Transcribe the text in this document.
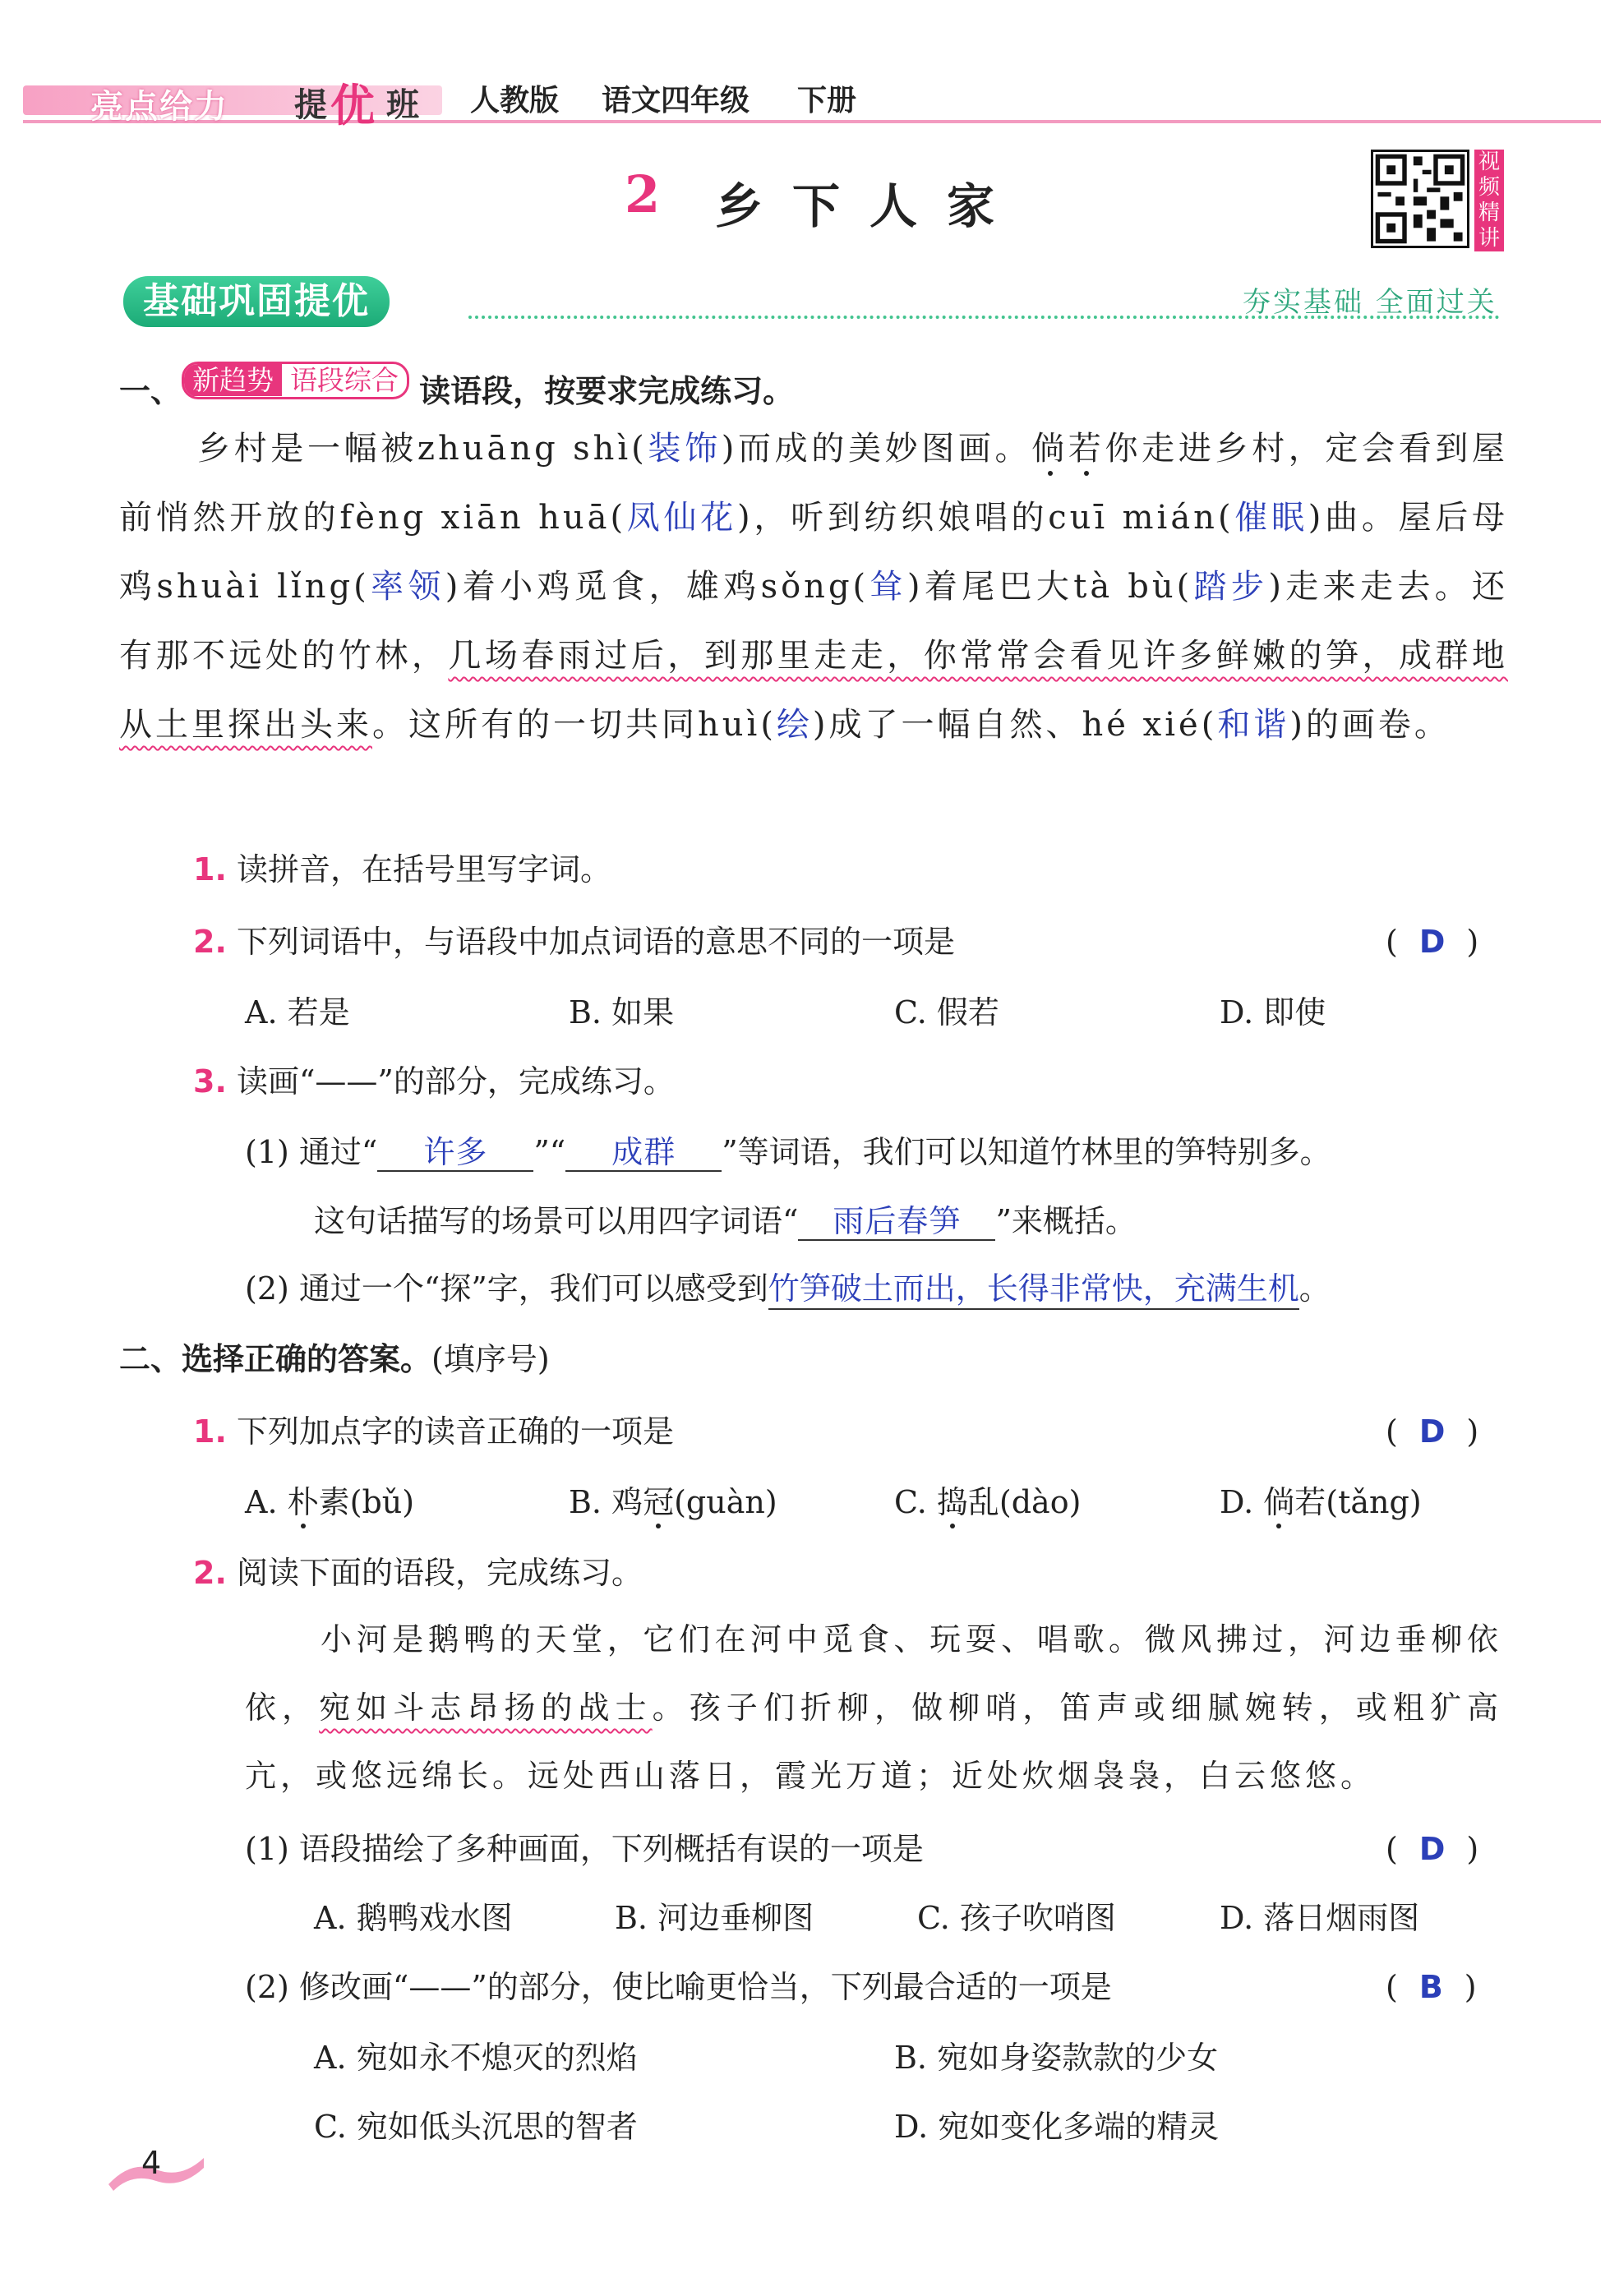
亮点给力 提 优 班 人教版 语文四年级 下册
2 乡下人家
视频精讲
基础巩固提优	夯实基础 全面过关
一、 新趋势 语段综合 读语段，按要求完成练习。
乡村是一幅被zhuāng shì(装饰)而成的美妙图画。倘若你走进乡村，定会看到屋前悄然开放的fèng xiān huā(凤仙花)，听到纺织娘唱的cuī mián(催眠)曲。屋后母鸡shuài lǐng(率领)着小鸡觅食，雄鸡sǒng(耸)着尾巴大tà bù(踏步)走来走去。还有那不远处的竹林，几场春雨过后，到那里走走，你常常会看见许多鲜嫩的笋，成群地从土里探出头来。这所有的一切共同huì(绘)成了一幅自然、hé xié(和谐)的画卷。
1. 读拼音，在括号里写字词。
2. 下列词语中，与语段中加点词语的意思不同的一项是	( D )
A. 若是	B. 如果	C. 假若	D. 即使
3. 读画“——”的部分，完成练习。
(1) 通过“ 许多 ”“ 成群 ”等词语，我们可以知道竹林里的笋特别多。
这句话描写的场景可以用四字词语“ 雨后春笋 ”来概括。
(2) 通过一个“探”字，我们可以感受到竹笋破土而出，长得非常快，充满生机。
二、选择正确的答案。(填序号)
1. 下列加点字的读音正确的一项是	( D )
A. 朴素(bǔ)	B. 鸡冠(guàn)	C. 捣乱(dào)	D. 倘若(tǎng)
2. 阅读下面的语段，完成练习。
小河是鹅鸭的天堂，它们在河中觅食、玩耍、唱歌。微风拂过，河边垂柳依依，宛如斗志昂扬的战士。孩子们折柳，做柳哨，笛声或细腻婉转，或粗犷高亢，或悠远绵长。远处西山落日，霞光万道；近处炊烟袅袅，白云悠悠。
(1) 语段描绘了多种画面，下列概括有误的一项是	( D )
A. 鹅鸭戏水图	B. 河边垂柳图	C. 孩子吹哨图	D. 落日烟雨图
(2) 修改画“——”的部分，使比喻更恰当，下列最合适的一项是	( B )
A. 宛如永不熄灭的烈焰	B. 宛如身姿款款的少女
C. 宛如低头沉思的智者	D. 宛如变化多端的精灵
4
